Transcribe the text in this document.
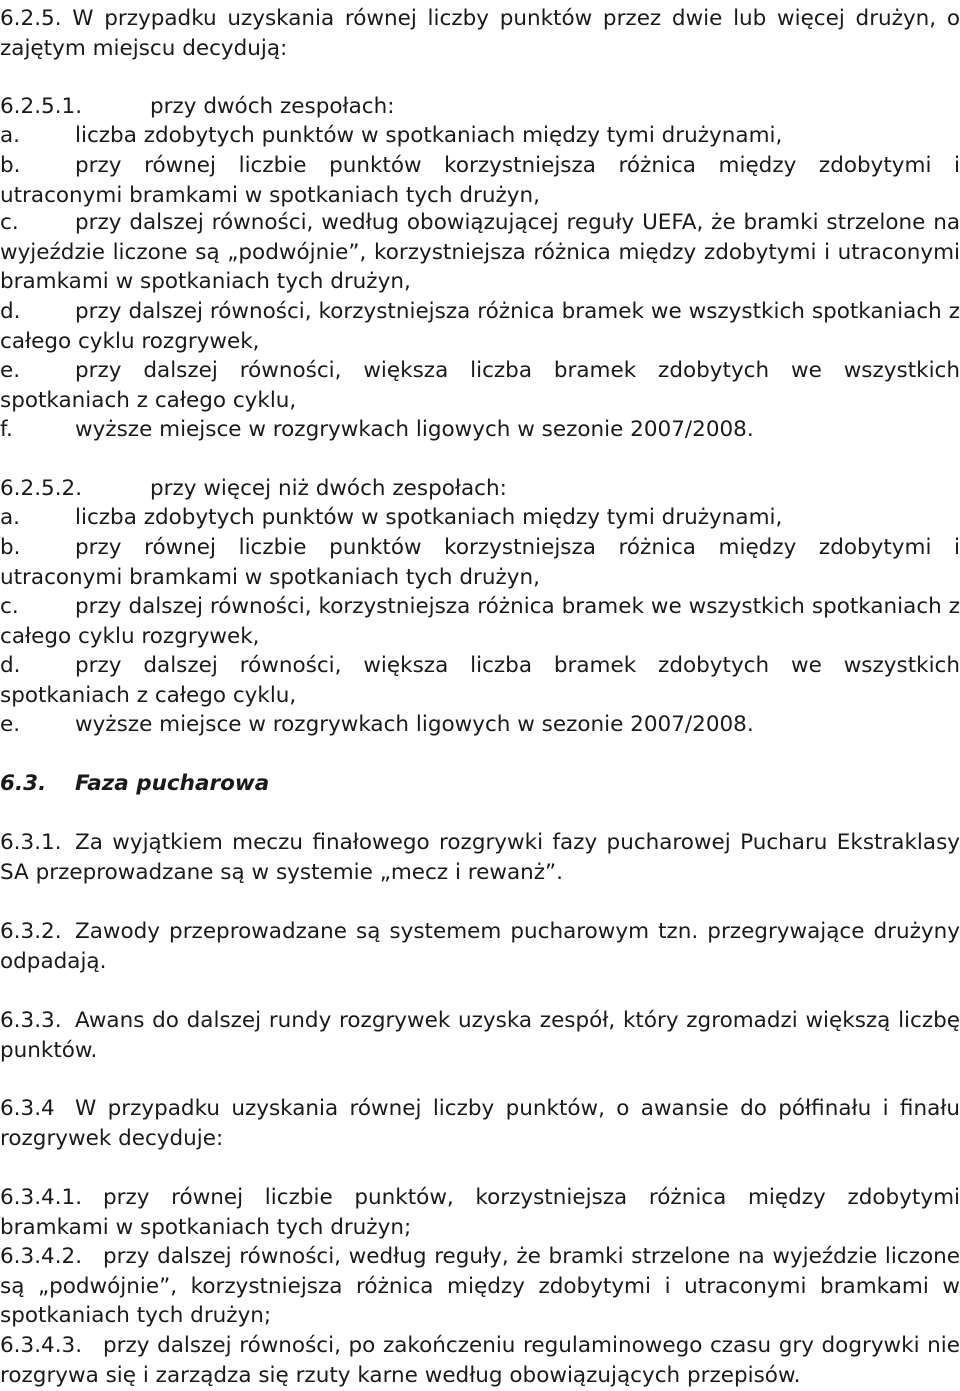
6.2.5. W przypadku uzyskania równej liczby punktów przez dwie lub więcej drużyn, o zajętym miejscu decydują:

6.2.5.1.	przy dwóch zespołach:

a.	liczba zdobytych punktów w spotkaniach między tymi drużynami,

b.	przy równej liczbie punktów korzystniejsza różnica między zdobytymi i utraconymi bramkami w spotkaniach tych drużyn,

c.	przy dalszej równości, według obowiązującej reguły UEFA, że bramki strzelone na wyjeździe liczone są „podwójnie”, korzystniejsza różnica między zdobytymi i utraconymi bramkami w spotkaniach tych drużyn,

d.	przy dalszej równości, korzystniejsza różnica bramek we wszystkich spotkaniach z całego cyklu rozgrywek,

e.	przy dalszej równości, większa liczba bramek zdobytych we wszystkich spotkaniach z całego cyklu,

f.	wyższe miejsce w rozgrywkach ligowych w sezonie 2007/2008.

6.2.5.2.	przy więcej niż dwóch zespołach:

a.	liczba zdobytych punktów w spotkaniach między tymi drużynami,

b.	przy równej liczbie punktów korzystniejsza różnica między zdobytymi i utraconymi bramkami w spotkaniach tych drużyn,

c.	przy dalszej równości, korzystniejsza różnica bramek we wszystkich spotkaniach z całego cyklu rozgrywek,

d.	przy dalszej równości, większa liczba bramek zdobytych we wszystkich spotkaniach z całego cyklu,

e.	wyższe miejsce w rozgrywkach ligowych w sezonie 2007/2008.

6.3. Faza pucharowa

6.3.1. Za wyjątkiem meczu finałowego rozgrywki fazy pucharowej Pucharu Ekstraklasy SA przeprowadzane są w systemie „mecz i rewanż”.

6.3.2. Zawody przeprowadzane są systemem pucharowym tzn. przegrywające drużyny odpadają.

6.3.3. Awans do dalszej rundy rozgrywek uzyska zespół, który zgromadzi większą liczbę punktów.

6.3.4 W przypadku uzyskania równej liczby punktów, o awansie do półfinału i finału rozgrywek decyduje:

6.3.4.1. przy równej liczbie punktów, korzystniejsza różnica między zdobytymi bramkami w spotkaniach tych drużyn;

6.3.4.2. przy dalszej równości, według reguły, że bramki strzelone na wyjeździe liczone są „podwójnie”, korzystniejsza różnica między zdobytymi i utraconymi bramkami w spotkaniach tych drużyn;

6.3.4.3. przy dalszej równości, po zakończeniu regulaminowego czasu gry dogrywki nie rozgrywa się i zarządza się rzuty karne według obowiązujących przepisów.
